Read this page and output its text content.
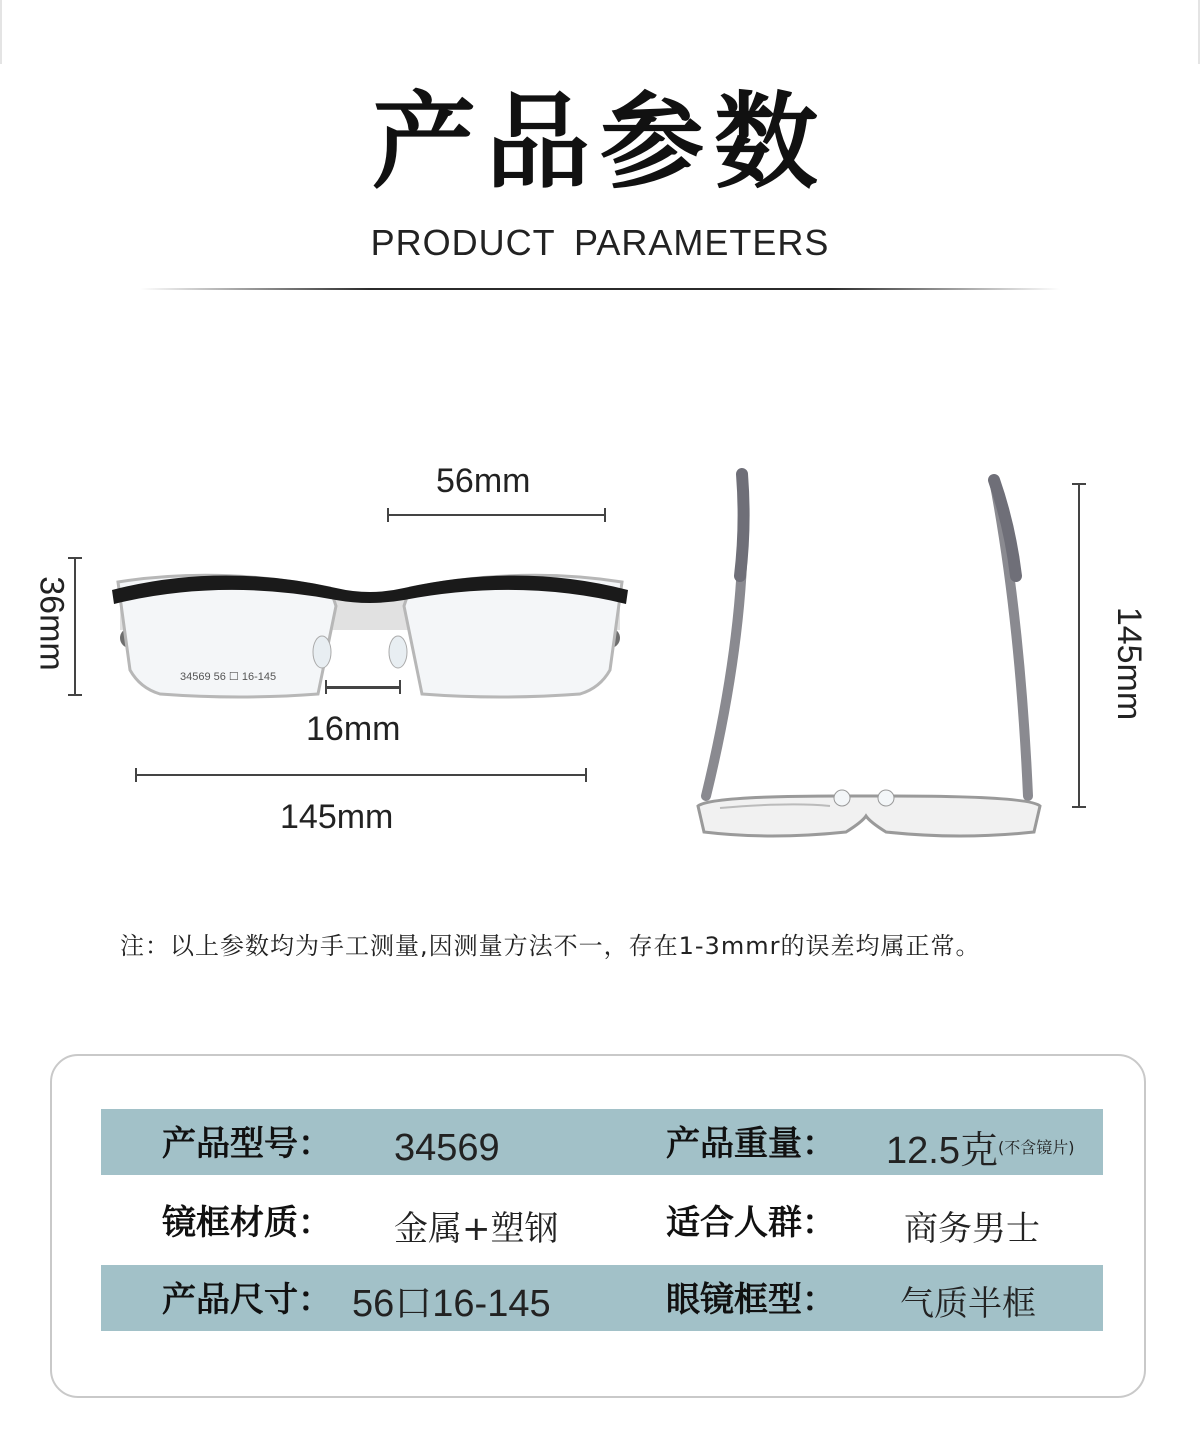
产品参数
PRODUCT PARAMETERS
34569 56 ☐ 16-145
56mm
36mm
16mm
145mm
145mm
注：以上参数均为手工测量,因测量方法不一，存在1-3mmr的误差均属正常。
产品型号： 34569	产品重量： 12.5克$^{(不含镜片)}$
镜框材质： 金属+塑钢	适合人群： 商务男士
产品尺寸： 56口16-145	眼镜框型： 气质半框
